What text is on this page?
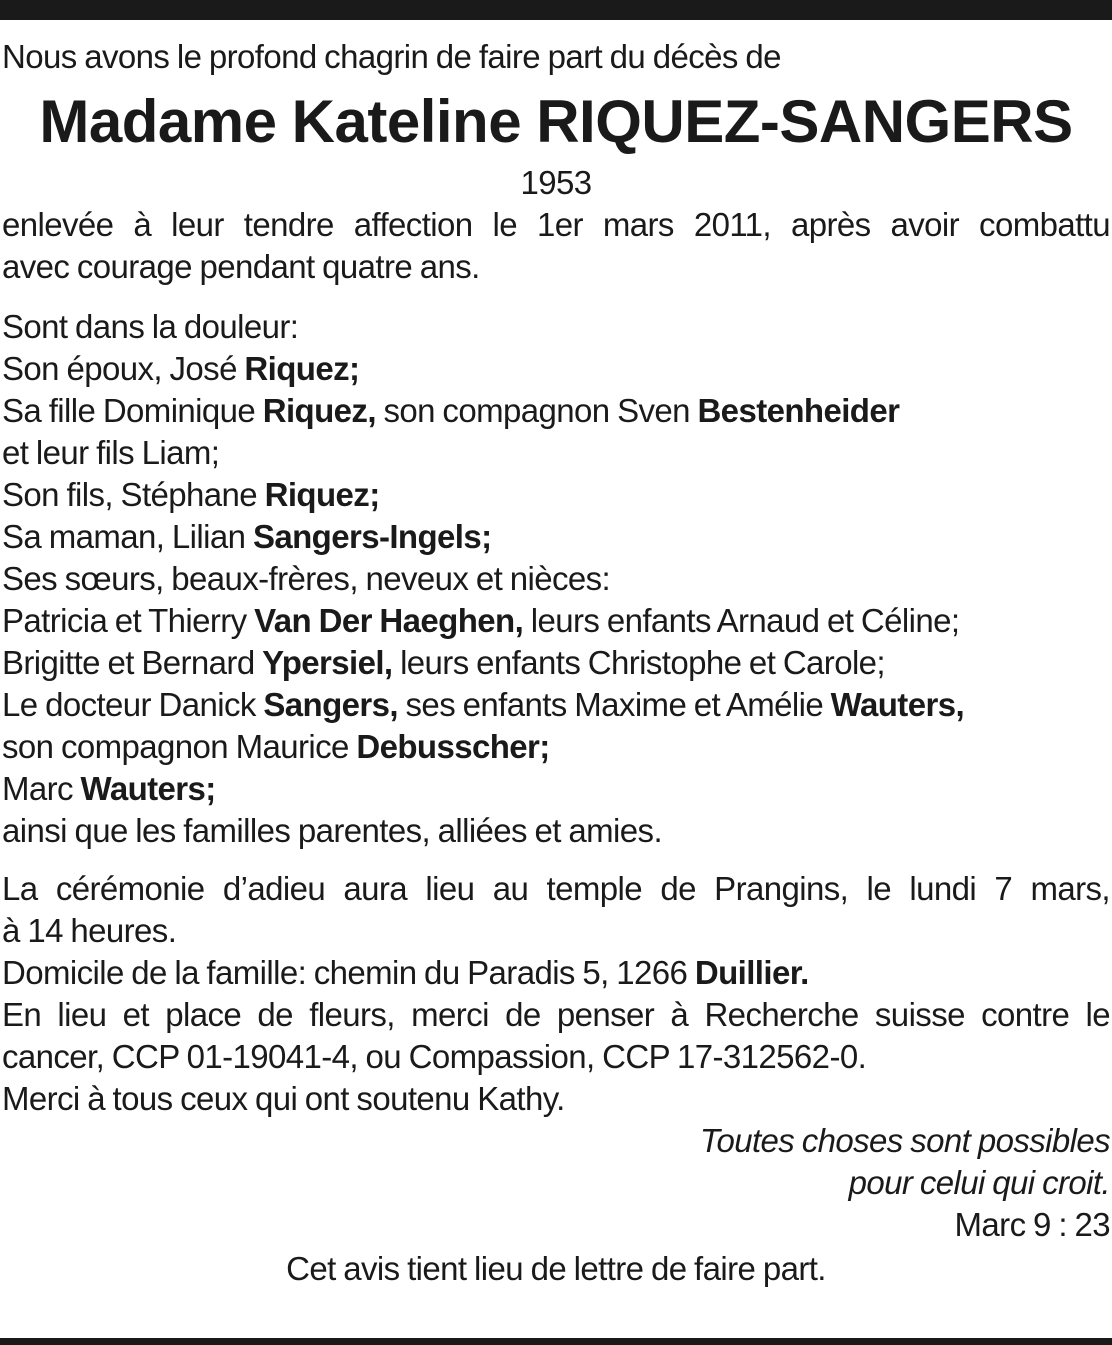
Nous avons le profond chagrin de faire part du décès de
Madame Kateline RIQUEZ-SANGERS
1953
enlevée à leur tendre affection le 1er mars 2011, après avoir combattu
avec courage pendant quatre ans.
Sont dans la douleur:
Son époux, José Riquez;
Sa fille Dominique Riquez, son compagnon Sven Bestenheider
et leur fils Liam;
Son fils, Stéphane Riquez;
Sa maman, Lilian Sangers-Ingels;
Ses sœurs, beaux-frères, neveux et nièces:
Patricia et Thierry Van Der Haeghen, leurs enfants Arnaud et Céline;
Brigitte et Bernard Ypersiel, leurs enfants Christophe et Carole;
Le docteur Danick Sangers, ses enfants Maxime et Amélie Wauters,
son compagnon Maurice Debusscher;
Marc Wauters;
ainsi que les familles parentes, alliées et amies.
La cérémonie d’adieu aura lieu au temple de Prangins, le lundi 7 mars,
à 14 heures.
Domicile de la famille: chemin du Paradis 5, 1266 Duillier.
En lieu et place de fleurs, merci de penser à Recherche suisse contre le
cancer, CCP 01-19041-4, ou Compassion, CCP 17-312562-0.
Merci à tous ceux qui ont soutenu Kathy.
Toutes choses sont possibles
pour celui qui croit.
Marc 9 : 23
Cet avis tient lieu de lettre de faire part.
